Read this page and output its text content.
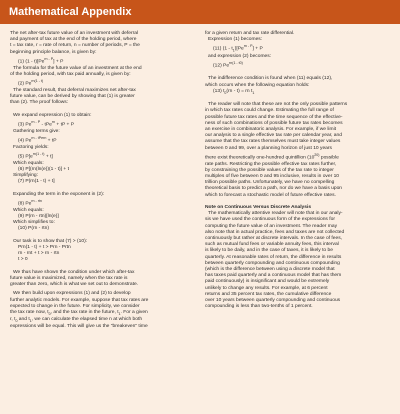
Mathematical Appendix

The net after-tax future value of an investment with deferral

and payment of tax at the end of the holding period, where

t = tax rate, r = rate of return, n = number of periods, P = the

beginning principle balance, is given by:

(1) $(1 - t)[Pe^{rn - P}] + P$

The formula for the future value of an investment at the end

of the holding period, with tax paid annually, is given by:

(2) $Pe^{rn(1 - t)}$

The standard result, that deferral maximizes net after-tax

future value, can be derived by showing that (1) is greater

than (2). The proof follows:

We expand expression (1) to obtain:

(3) $Pe^{rn - P} - tPe^{rn}$ + tP + P

Gathering terms give:

(4) $Pe^{rn - tPern}$ + tP

Factoring yields:

(5) $P[e^{rn(1 - t)} + t]$

Which equals:

(6) P[(rn(ln(e))(1 - t)] + t

Simplifying:

(7) P(rn(1 - t) + t]

Expanding the term in the exponent in (2):

(8) $Pe^{rn - rtn}$

Which equals:

(9) P(rn - rtn)[ln(e)]

Which simplifies to:

(10) P(rn - rtn)

Our task is to show that (7) > (10):

Prn(1 - t) + t > Prn - Prtn

rn - rnt + t > rn - rtn

t > 0

We thus have shown the condition under which after-tax

future value is maximized, namely when the tax rate is

greater than zero, which is what we set out to demonstrate.

We then build upon expressions (1) and (2) to develop

further analytic models. For example, suppose that tax rates are

expected to change in the future. For simplicity, we consider

the tax rate now, $t_0$, and the tax rate in the future, $t_1$. For a given

r, $t_0$ and $t_1$, we can calculate the elapsed time n at which both

expressions will be equal. This will give us the "breakeven" time

for a given return and tax rate differential.

Expression (1) becomes:

(11) $(1 - t_1)[Pe^{rn - P}] + P$

and expression (2) becomes:

(12) $Pe^{rn(1 - t0)}$

The indifference condition is found when (11) equals (12),

which occurs when the following equation holds:

(13) $t_0(rn - t)$ = rn $t_1$

The reader will note that these are not the only possible patterns

in which tax rates could change. Estimating the full range of

possible future tax rates and the time sequence of the effective-

ness of such combinations of possible future tax rates becomes

an exercise in combinatoric analysis. For example, if we limit

our analysis to a single effective tax rate per calendar year, and

assume that the tax rates themselves must take integer values

between 0 and 99, over a planning horizon of just 10 years

there exist theoretically one-hundred quintillion (10$^{20)}$ possible

rate paths. Restricting the possible effective tax rates further,

by constraining the possible values of the tax rate to integer

multiples of five between 0 and 95 inclusive, results in over 10

trillion possible paths. Unfortunately, we have no compelling

theoretical basis to predict a path, nor do we have a basis upon

which to forecast a stochastic model of future effective rates.

Note on Continuous Versus Discrete Analysis

The mathematically attentive reader will note that in our analy-

sis we have used the continuous form of the expressions for

computing the future value of an investment. The reader may

also note that in actual practice, fees and taxes are not collected

continuously but rather at discrete intervals. In the case of fees,

such as mutual fund fees or variable annuity fees, this interval

is likely to be daily, and in the case of taxes, it is likely to be

quarterly. At reasonable rates of return, the difference in results

between quarterly compounding and continuous compounding

(which is the difference between using a discrete model that

has taxes paid quarterly and a continuous model that has them

paid continuously) is insignificant and would be extremely

unlikely to change any results. For example, at 6 percent

returns and 35 percent tax rates, the cumulative difference

over 10 years between quarterly compounding and continuous

compounding is less than two-tenths of 1 percent.
